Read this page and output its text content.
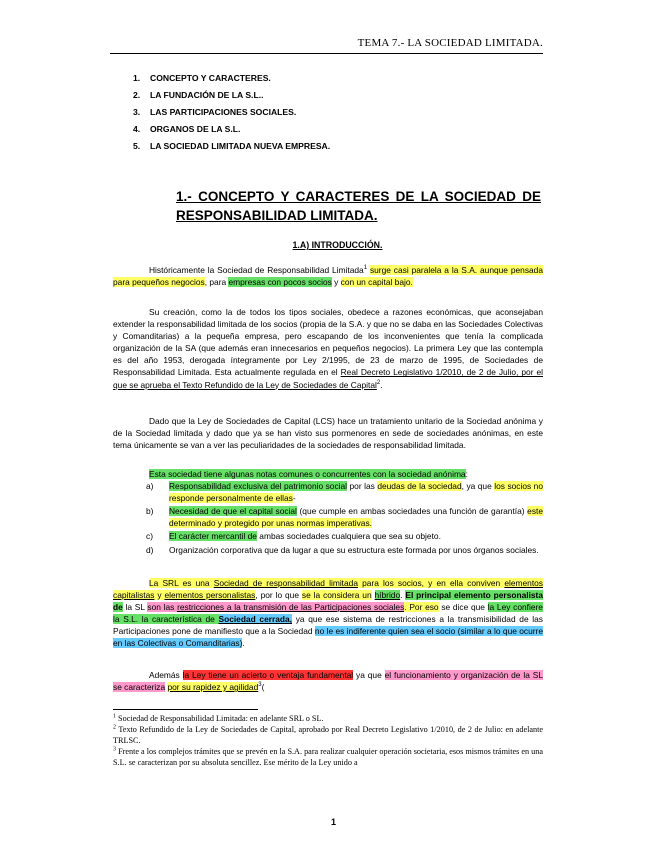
TEMA 7.- LA SOCIEDAD LIMITADA.
1.	CONCEPTO Y CARACTERES.
2.	LA FUNDACIÓN DE LA S.L..
3.	LAS PARTICIPACIONES SOCIALES.
4.	ORGANOS DE LA S.L.
5.	LA SOCIEDAD LIMITADA NUEVA EMPRESA.
1.- CONCEPTO Y CARACTERES DE LA SOCIEDAD DE RESPONSABILIDAD LIMITADA.
1.A) INTRODUCCIÓN.
Históricamente la Sociedad de Responsabilidad Limitada$^1$ surge casi paralela a la S.A. aunque pensada para pequeños negocios, para empresas con pocos socios y con un capital bajo.
Su creación, como la de todos los tipos sociales, obedece a razones económicas, que aconsejaban extender la responsabilidad limitada de los socios (propia de la S.A. y que no se daba en las Sociedades Colectivas y Comanditarias) a la pequeña empresa, pero escapando de los inconvenientes que tenía la complicada organización de la SA (que además eran innecesarios en pequeños negocios). La primera Ley que las contempla es del año 1953, derogada íntegramente por Ley 2/1995, de 23 de marzo de 1995, de Sociedades de Responsabilidad Limitada. Esta actualmente regulada en el Real Decreto Legislativo 1/2010, de 2 de Julio, por el que se aprueba el Texto Refundido de la Ley de Sociedades de Capital$^2$.
Dado que la Ley de Sociedades de Capital (LCS) hace un tratamiento unitario de la Sociedad anónima y de la Sociedad limitada y dado que ya se han visto sus pormenores en sede de sociedades anónimas, en este tema únicamente se van a ver las peculiaridades de la sociedades de responsabilidad limitada.
Esta sociedad tiene algunas notas comunes o concurrentes con la sociedad anónima:
a)	Responsabilidad exclusiva del patrimonio social por las deudas de la sociedad, ya que los socios no responde personalmente de ellas-
b)	Necesidad de que el capital social (que cumple en ambas sociedades una función de garantía) este determinado y protegido por unas normas imperativas.
c)	El carácter mercantil de ambas sociedades cualquiera que sea su objeto.
d)	Organización corporativa que da lugar a que su estructura este formada por unos órganos sociales.
La SRL es una Sociedad de responsabilidad limitada para los socios, y en ella conviven elementos capitalistas y elementos personalistas, por lo que se la considera un híbrido. El principal elemento personalista de la SL son las restricciones a la transmisión de las Participaciones sociales. Por eso se dice que la Ley confiere la S.L. la característica de Sociedad cerrada, ya que ese sistema de restricciones a la transmisibilidad de las Participaciones pone de manifiesto que a la Sociedad no le es indiferente quien sea el socio (similar a lo que ocurre en las Colectivas o Comanditarias).
Además la Ley tiene un acierto o ventaja fundamental ya que el funcionamiento y organización de la SL se caracteriza por su rapidez y agilidad$^3$(
$^1$ Sociedad de Responsabilidad Limitada: en adelante SRL o SL.
$^2$ Texto Refundido de la Ley de Sociedades de Capital, aprobado por Real Decreto Legislativo 1/2010, de 2 de Julio: en adelante TRLSC.
$^3$ Frente a los complejos trámites que se prevén en la S.A. para realizar cualquier operación societaria, esos mismos trámites en una S.L. se caracterizan por su absoluta sencillez. Ese mérito de la Ley unido a
1
